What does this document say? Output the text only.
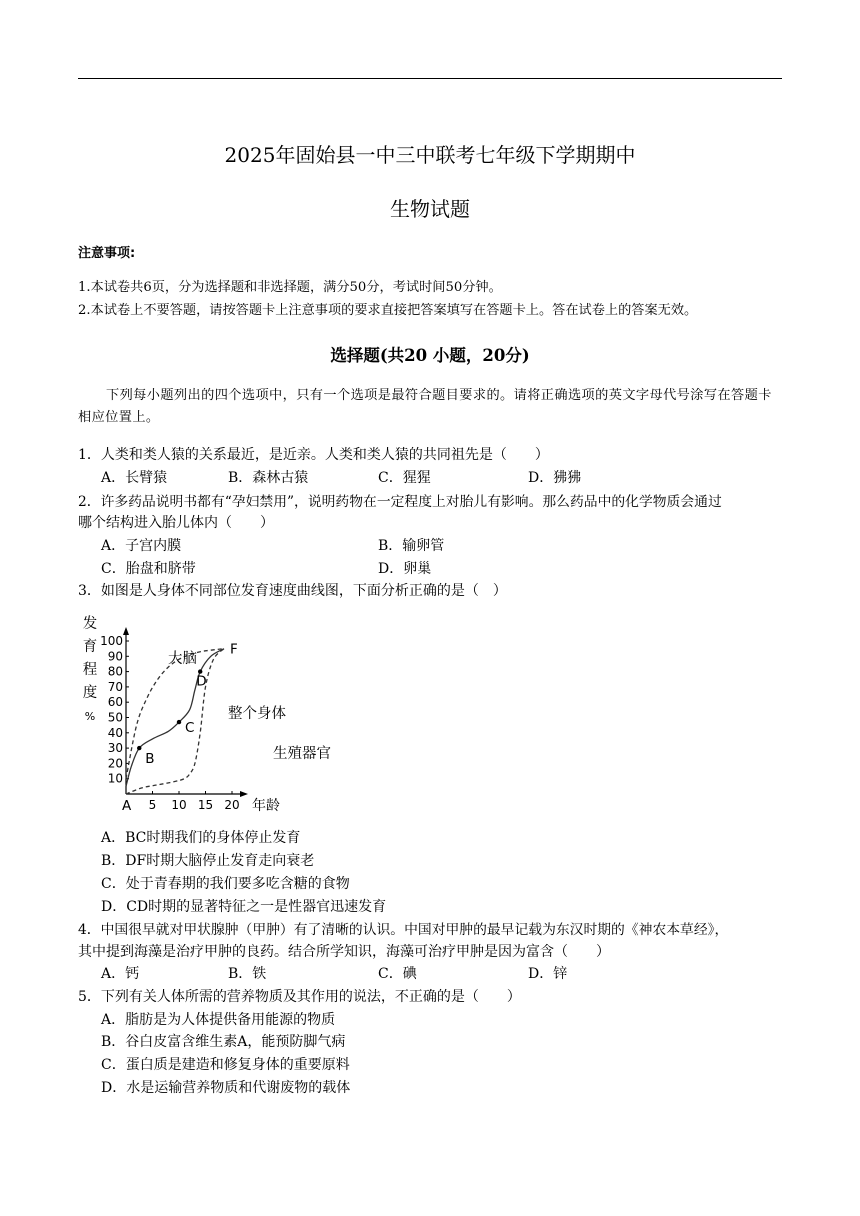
2025年固始县一中三中联考七年级下学期期中
生物试题
注意事项:
1.本试卷共6页，分为选择题和非选择题，满分50分，考试时间50分钟。
2.本试卷上不要答题，请按答题卡上注意事项的要求直接把答案填写在答题卡上。答在试卷上的答案无效。
选择题(共20 小题，20分)
下列每小题列出的四个选项中，只有一个选项是最符合题目要求的。请将正确选项的英文字母代号涂写在答题卡相应位置上。
1．人类和类人猿的关系最近，是近亲。人类和类人猿的共同祖先是（　　）
A．长臂猿	B．森林古猿	C．猩猩	D．狒狒
2．许多药品说明书都有“孕妇禁用”，说明药物在一定程度上对胎儿有影响。那么药品中的化学物质会通过
哪个结构进入胎儿体内（　　）
A．子宫内膜	B．输卵管
C．胎盘和脐带	D．卵巢
3．如图是人身体不同部位发育速度曲线图，下面分析正确的是（　）
100
90
80
70
60
50
40
30
20
10
5 10 15 20
发
育
程
度
%
年龄
大脑
整个身体
生殖器官
A
B
C
D
F
A．BC时期我们的身体停止发育
B．DF时期大脑停止发育走向衰老
C．处于青春期的我们要多吃含糖的食物
D．CD时期的显著特征之一是性器官迅速发育
4．中国很早就对甲状腺肿（甲肿）有了清晰的认识。中国对甲肿的最早记载为东汉时期的《神农本草经》，
其中提到海藻是治疗甲肿的良药。结合所学知识，海藻可治疗甲肿是因为富含（　　）
A．钙	B．铁	C．碘	D．锌
5．下列有关人体所需的营养物质及其作用的说法，不正确的是（　　）
A．脂肪是为人体提供备用能源的物质
B．谷白皮富含维生素A，能预防脚气病
C．蛋白质是建造和修复身体的重要原料
D．水是运输营养物质和代谢废物的载体
